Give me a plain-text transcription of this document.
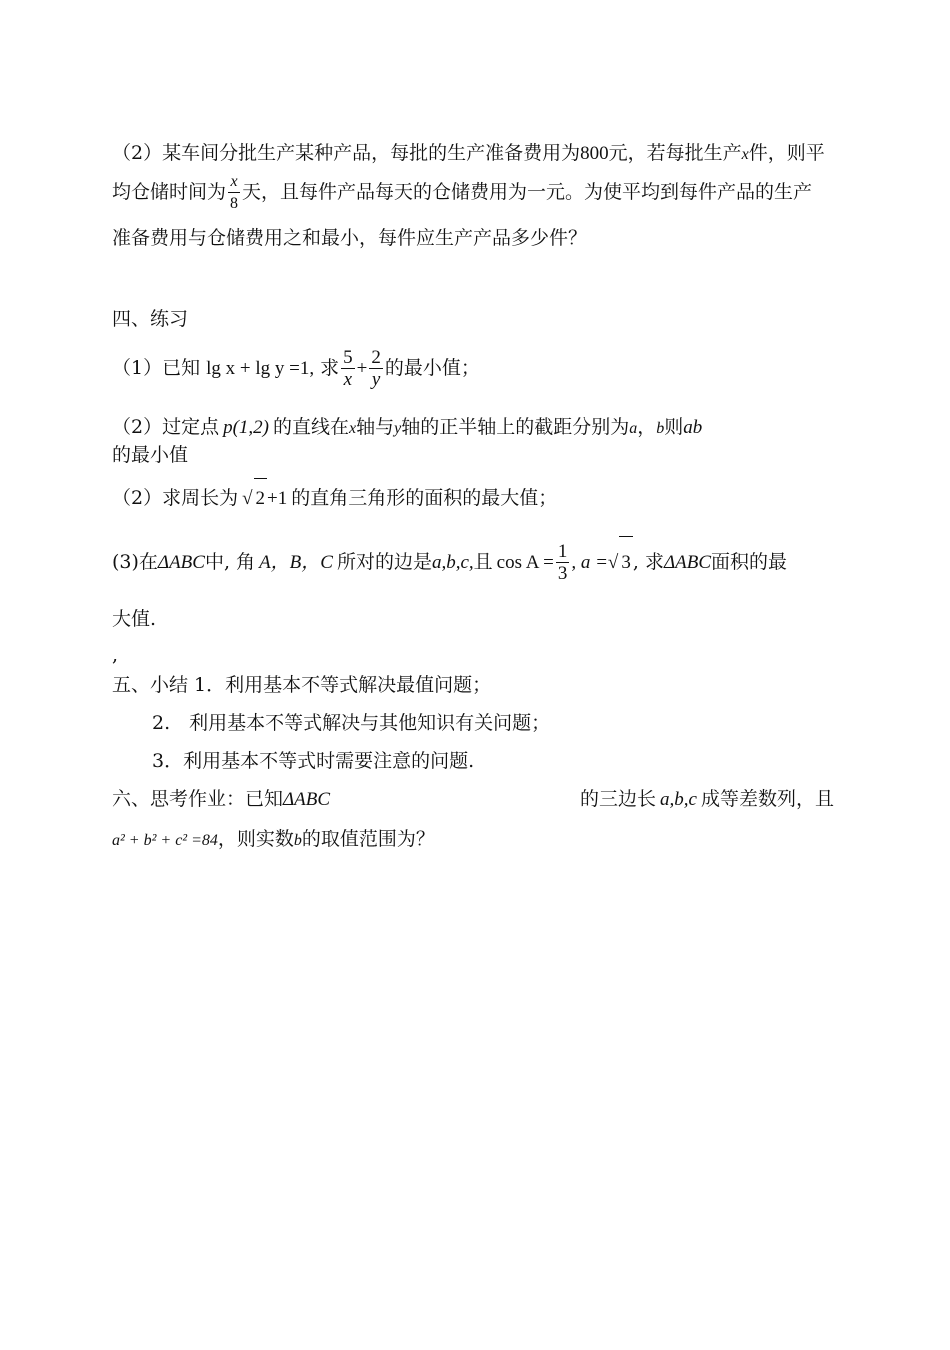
（2）某车间分批生产某种产品，每批的生产准备费用为800元，若每批生产x件，则平
均仓储时间为 $\frac{x}{8}$ 天，且每件产品每天的仓储费用为一元。为使平均到每件产品的生产
准备费用与仓储费用之和最小，每件应生产产品多少件？
四、练习
（1）已知 lg x + lg y =1, 求 $\frac{5}{x} + \frac{2}{y}$ 的最小值；
（2）过定点 p(1,2) 的直线在x轴与y轴的正半轴上的截距分别为a，b则ab
的最小值
（2）求周长为 √ 2 +1 的直角三角形的面积的最大值；
(3)在ΔABC中, 角 A，B，C 所对的边是a,b,c,且 $\cos A = \frac{1}{3}$ , a =√ 3 , 求ΔABC面积的最
大值.
,
五、小结 1．利用基本不等式解决最值问题；
2.　利用基本不等式解决与其他知识有关问题；
3．利用基本不等式时需要注意的问题.
六、思考作业：已知ΔABC	的三边长 a,b,c 成等差数列，且
a² + b² + c² =84，则实数b的取值范围为？
